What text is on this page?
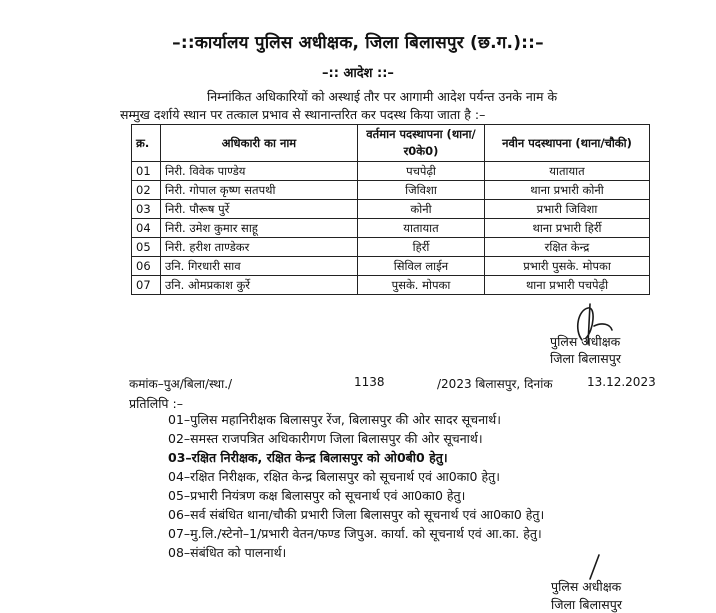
–::कार्यालय पुलिस अधीक्षक, जिला बिलासपुर (छ.ग.)::–
–:: आदेश ::–
निम्नांकित अधिकारियों को अस्थाई तौर पर आगामी आदेश पर्यन्त उनके नाम के
सम्मुख दर्शाये स्थान पर तत्काल प्रभाव से स्थानान्तरित कर पदस्थ किया जाता है :–
क्र.	अधिकारी का नाम	वर्तमान पदस्थापना (थाना/र0के0)	नवीन पदस्थापना (थाना/चौकी)
01	निरी. विवेक पाण्डेय	पचपेढ़ी	यातायात
02	निरी. गोपाल कृष्ण सतपथी	जिविशा	थाना प्रभारी कोनी
03	निरी. पौरूष पुर्रे	कोनी	प्रभारी जिविशा
04	निरी. उमेश कुमार साहू	यातायात	थाना प्रभारी हिर्री
05	निरी. हरीश ताण्डेकर	हिर्री	रक्षित केन्द्र
06	उनि. गिरधारी साव	सिविल लाईन	प्रभारी पुसके. मोपका
07	उनि. ओमप्रकाश कुर्रे	पुसके. मोपका	थाना प्रभारी पचपेढ़ी
पुलिस अधीक्षक
जिला बिलासपुर
कमांक–पुअ/बिला/स्था./	1138	/2023 बिलासपुर, दिनांक	13.12.2023
प्रतिलिपि :–
01–पुलिस महानिरीक्षक बिलासपुर रेंज, बिलासपुर की ओर सादर सूचनार्थ।
02–समस्त राजपत्रित अधिकारीगण जिला बिलासपुर की ओर सूचनार्थ।
03–रक्षित निरीक्षक, रक्षित केन्द्र बिलासपुर को ओ0बी0 हेतु।
04–रक्षित निरीक्षक, रक्षित केन्द्र बिलासपुर को सूचनार्थ एवं आ0का0 हेतु।
05–प्रभारी नियंत्रण कक्ष बिलासपुर को सूचनार्थ एवं आ0का0 हेतु।
06–सर्व संबंधित थाना/चौकी प्रभारी जिला बिलासपुर को सूचनार्थ एवं आ0का0 हेतु।
07–मु.लि./स्टेनो–1/प्रभारी वेतन/फण्ड जिपुअ. कार्या. को सूचनार्थ एवं आ.का. हेतु।
08–संबंधित को पालनार्थ।
पुलिस अधीक्षक
जिला बिलासपुर
